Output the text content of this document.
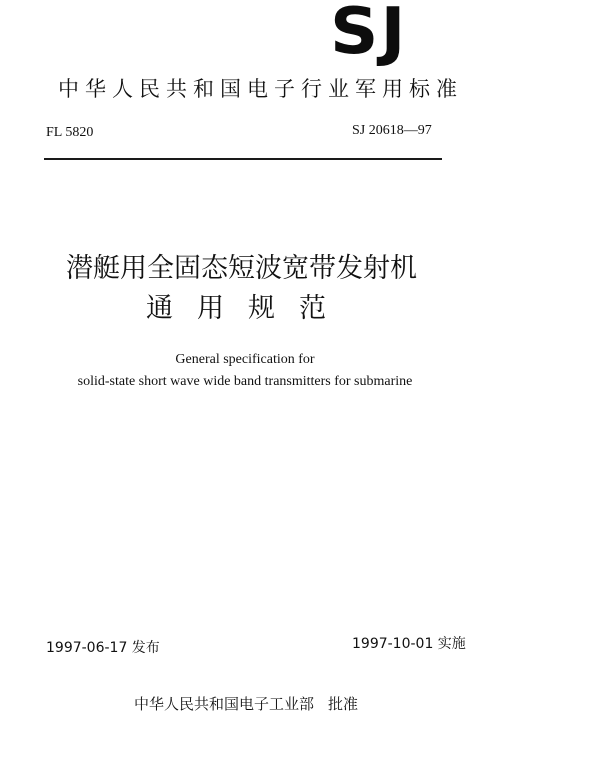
SJ
中华人民共和国电子行业军用标准
FL 5820	SJ 20618—97
潜艇用全固态短波宽带发射机
通用规范
General specification for
solid-state short wave wide band transmitters for submarine
1997-06-17 发布	1997-10-01 实施
中华人民共和国电子工业部 批准
